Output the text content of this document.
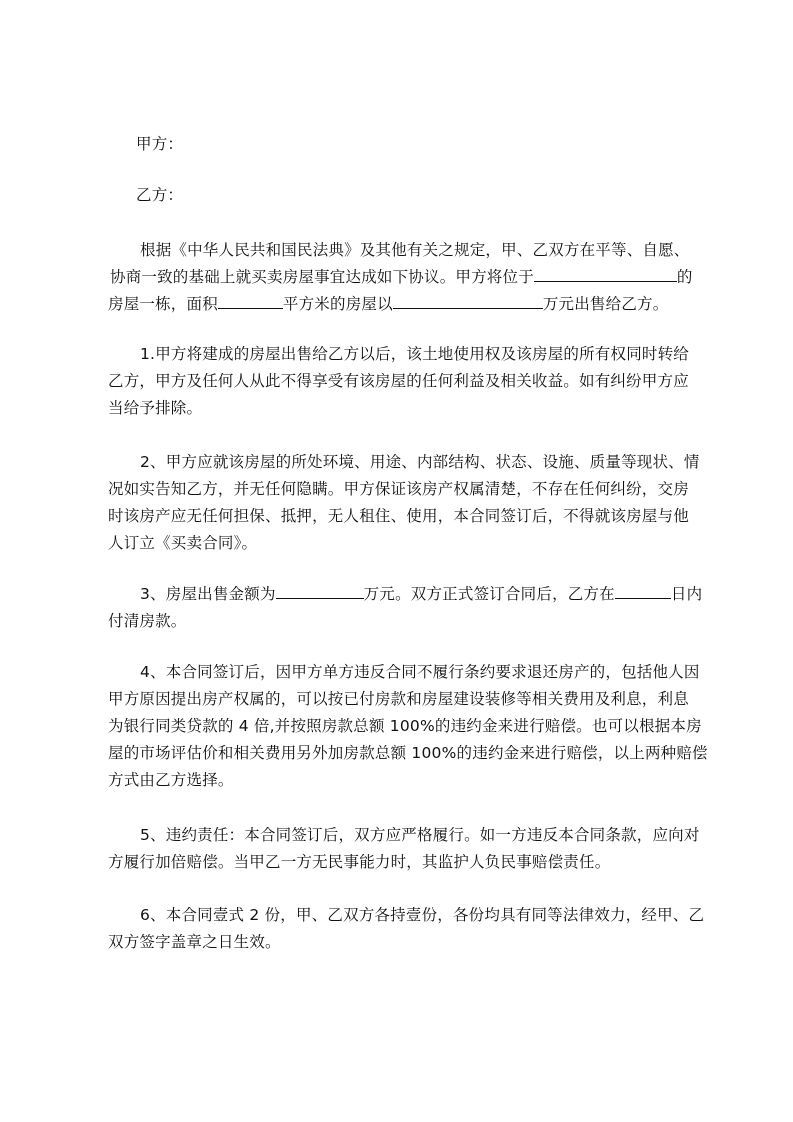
甲方：
乙方：
根据《中华人民共和国民法典》及其他有关之规定，甲、乙双方在平等、自愿、
协商一致的基础上就买卖房屋事宜达成如下协议。甲方将位于	的
房屋一栋，面积	平方米的房屋以	万元出售给乙方。
1.甲方将建成的房屋出售给乙方以后，该土地使用权及该房屋的所有权同时转给
乙方，甲方及任何人从此不得享受有该房屋的任何利益及相关收益。如有纠纷甲方应
当给予排除。
2、甲方应就该房屋的所处环境、用途、内部结构、状态、设施、质量等现状、情
况如实告知乙方，并无任何隐瞒。甲方保证该房产权属清楚，不存在任何纠纷，交房
时该房产应无任何担保、抵押，无人租住、使用，本合同签订后，不得就该房屋与他
人订立《买卖合同》。
3、房屋出售金额为	万元。双方正式签订合同后，乙方在	日内
付清房款。
4、本合同签订后，因甲方单方违反合同不履行条约要求退还房产的，包括他人因
甲方原因提出房产权属的，可以按已付房款和房屋建设装修等相关费用及利息，利息
为银行同类贷款的 4 倍,并按照房款总额 100%的违约金来进行赔偿。也可以根据本房
屋的市场评估价和相关费用另外加房款总额 100%的违约金来进行赔偿，以上两种赔偿
方式由乙方选择。
5、违约责任：本合同签订后，双方应严格履行。如一方违反本合同条款，应向对
方履行加倍赔偿。当甲乙一方无民事能力时，其监护人负民事赔偿责任。
6、本合同壹式 2 份，甲、乙双方各持壹份，各份均具有同等法律效力，经甲、乙
双方签字盖章之日生效。
